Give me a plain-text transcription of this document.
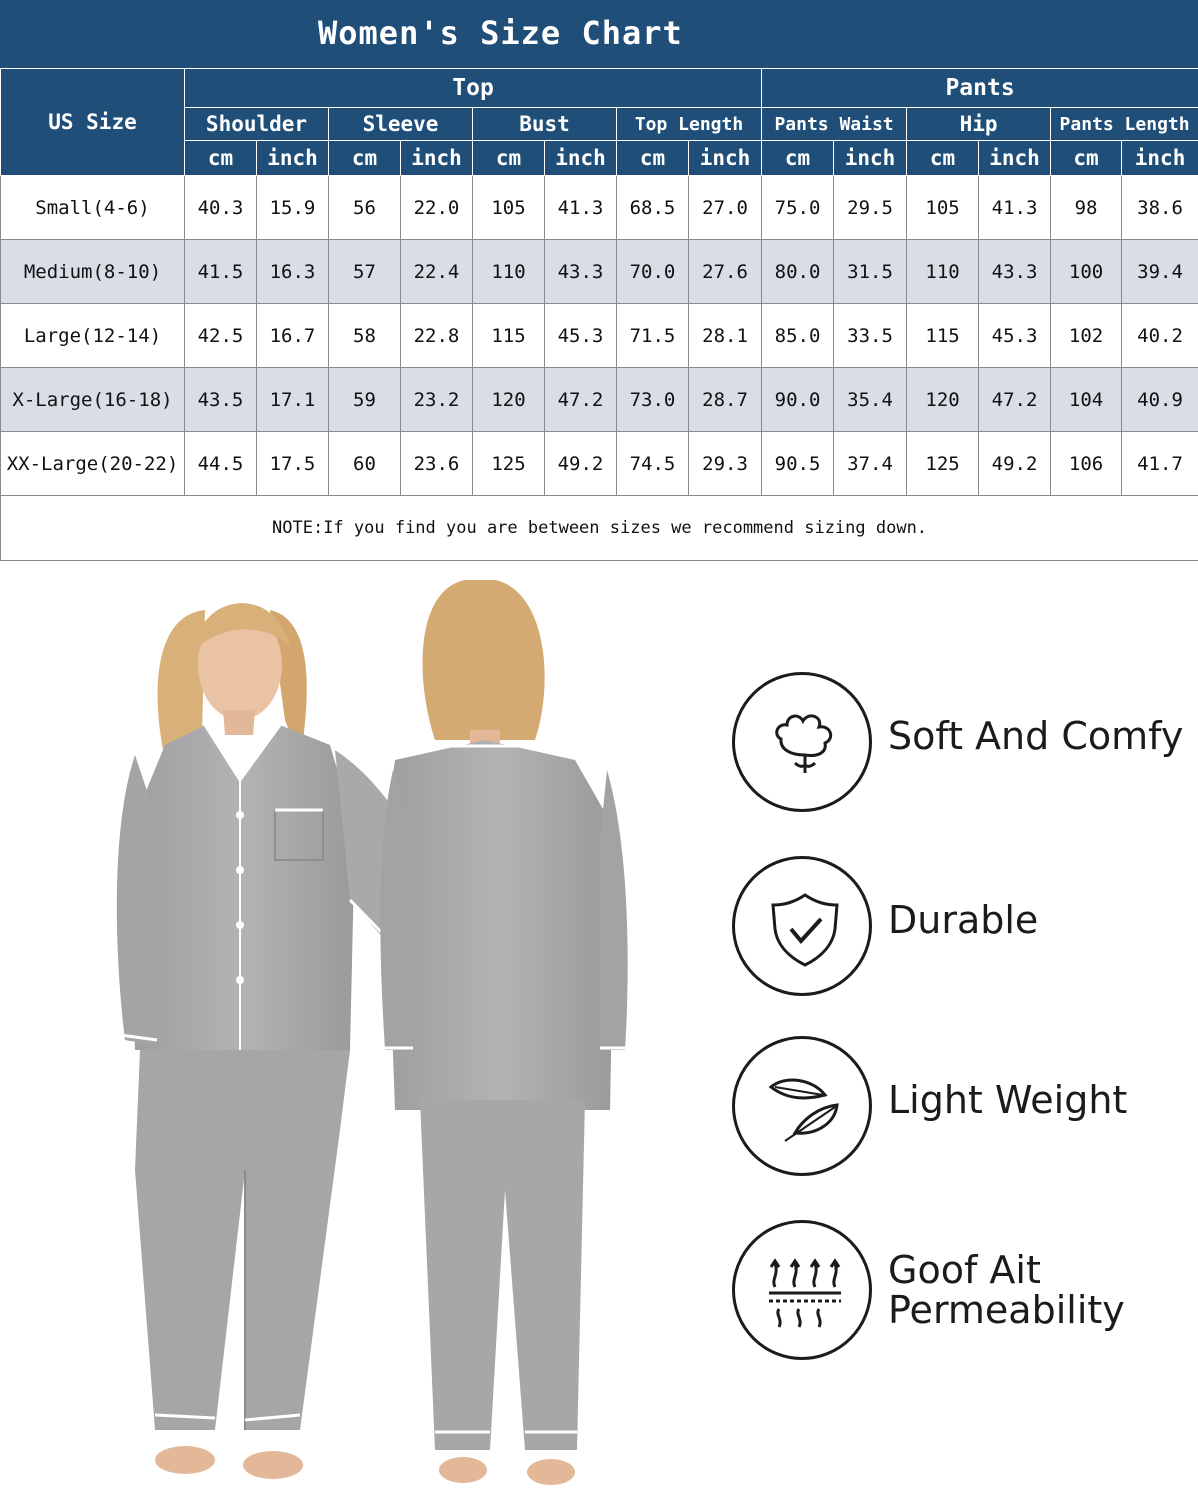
Women's Size Chart
US Size	Top								Pants					
	Shoulder		Sleeve		Bust		Top Length		Pants Waist		Hip		Pants Length	
	cm	inch	cm	inch	cm	inch	cm	inch	cm	inch	cm	inch	cm	inch
Small(4-6)	40.3	15.9	56	22.0	105	41.3	68.5	27.0	75.0	29.5	105	41.3	98	38.6
Medium(8-10)	41.5	16.3	57	22.4	110	43.3	70.0	27.6	80.0	31.5	110	43.3	100	39.4
Large(12-14)	42.5	16.7	58	22.8	115	45.3	71.5	28.1	85.0	33.5	115	45.3	102	40.2
X-Large(16-18)	43.5	17.1	59	23.2	120	47.2	73.0	28.7	90.0	35.4	120	47.2	104	40.9
XX-Large(20-22)	44.5	17.5	60	23.6	125	49.2	74.5	29.3	90.5	37.4	125	49.2	106	41.7
NOTE:If you find you are between sizes we recommend sizing down.														
Soft And Comfy
Durable
Light Weight
Goof Ait
Permeability
